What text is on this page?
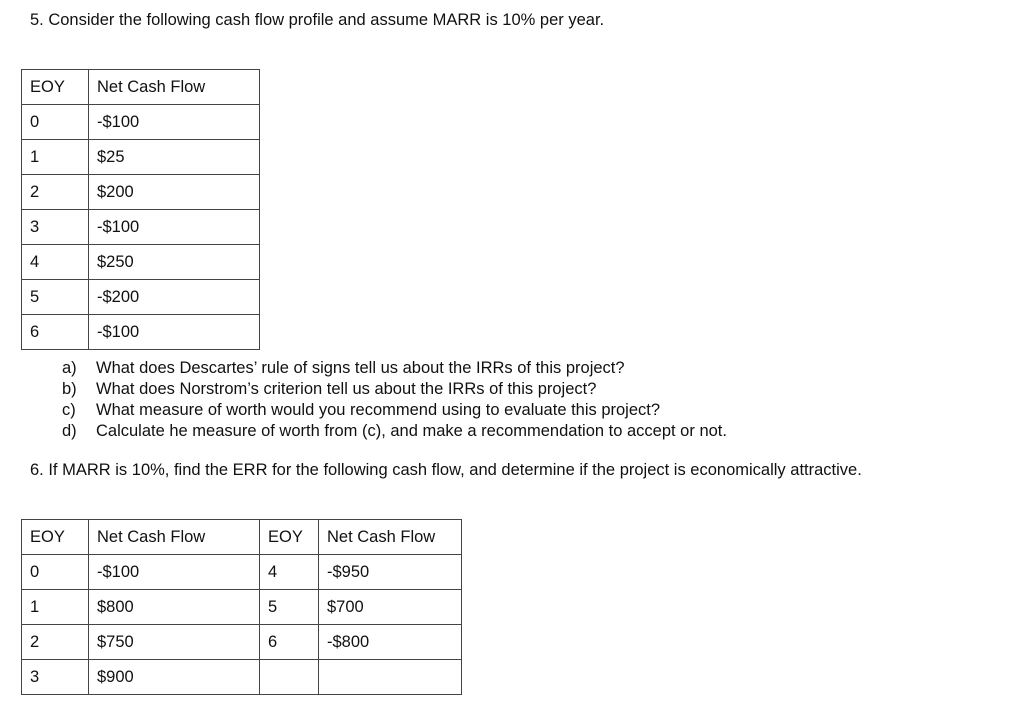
5. Consider the following cash flow profile and assume MARR is 10% per year.
EOY	Net Cash Flow
0	-$100
1	$25
2	$200
3	-$100
4	$250
5	-$200
6	-$100
a) What does Descartes’ rule of signs tell us about the IRRs of this project?
b) What does Norstrom’s criterion tell us about the IRRs of this project?
c) What measure of worth would you recommend using to evaluate this project?
d) Calculate he measure of worth from (c), and make a recommendation to accept or not.
6. If MARR is 10%, find the ERR for the following cash flow, and determine if the project is economically attractive.
EOY	Net Cash Flow	EOY	Net Cash Flow
0	-$100	4	-$950
1	$800	5	$700
2	$750	6	-$800
3	$900		
